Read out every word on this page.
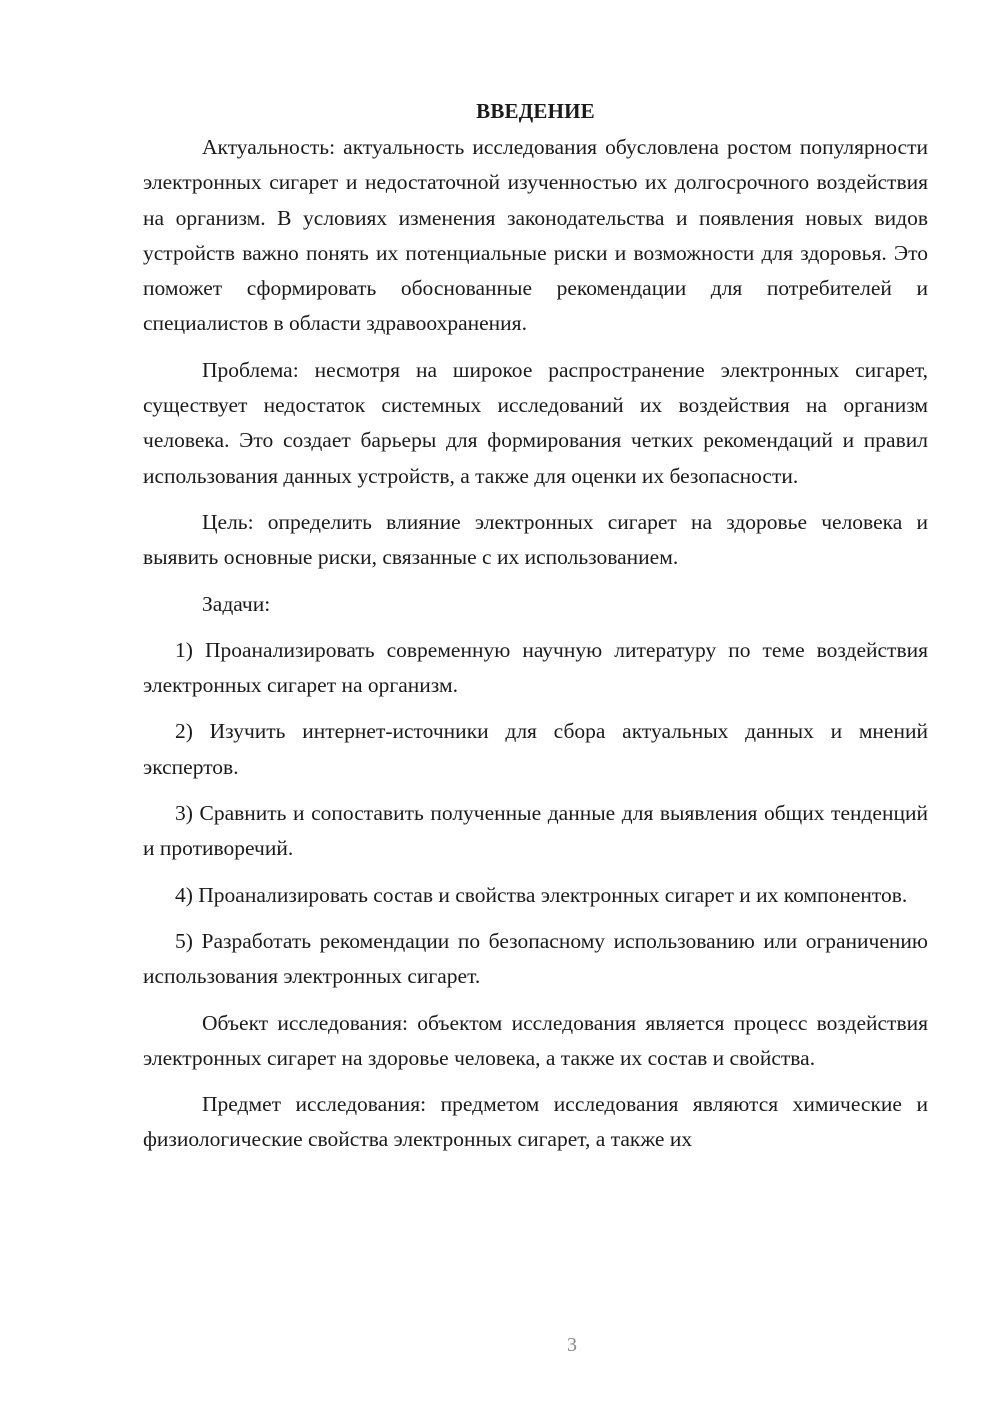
ВВЕДЕНИЕ

Актуальность: актуальность исследования обусловлена ростом популярности электронных сигарет и недостаточной изученностью их долгосрочного воздействия на организм. В условиях изменения законодательства и появления новых видов устройств важно понять их потенциальные риски и возможности для здоровья. Это поможет сформировать обоснованные рекомендации для потребителей и специалистов в области здравоохранения.

Проблема: несмотря на широкое распространение электронных сигарет, существует недостаток системных исследований их воздействия на организм человека. Это создает барьеры для формирования четких рекомендаций и правил использования данных устройств, а также для оценки их безопасности.

Цель: определить влияние электронных сигарет на здоровье человека и выявить основные риски, связанные с их использованием.

Задачи:

1) Проанализировать современную научную литературу по теме воздействия электронных сигарет на организм.

2) Изучить интернет-источники для сбора актуальных данных и мнений экспертов.

3) Сравнить и сопоставить полученные данные для выявления общих тенденций и противоречий.

4) Проанализировать состав и свойства электронных сигарет и их компонентов.

5) Разработать рекомендации по безопасному использованию или ограничению использования электронных сигарет.

Объект исследования: объектом исследования является процесс воздействия электронных сигарет на здоровье человека, а также их состав и свойства.

Предмет исследования: предметом исследования являются химические и физиологические свойства электронных сигарет, а также их

3
